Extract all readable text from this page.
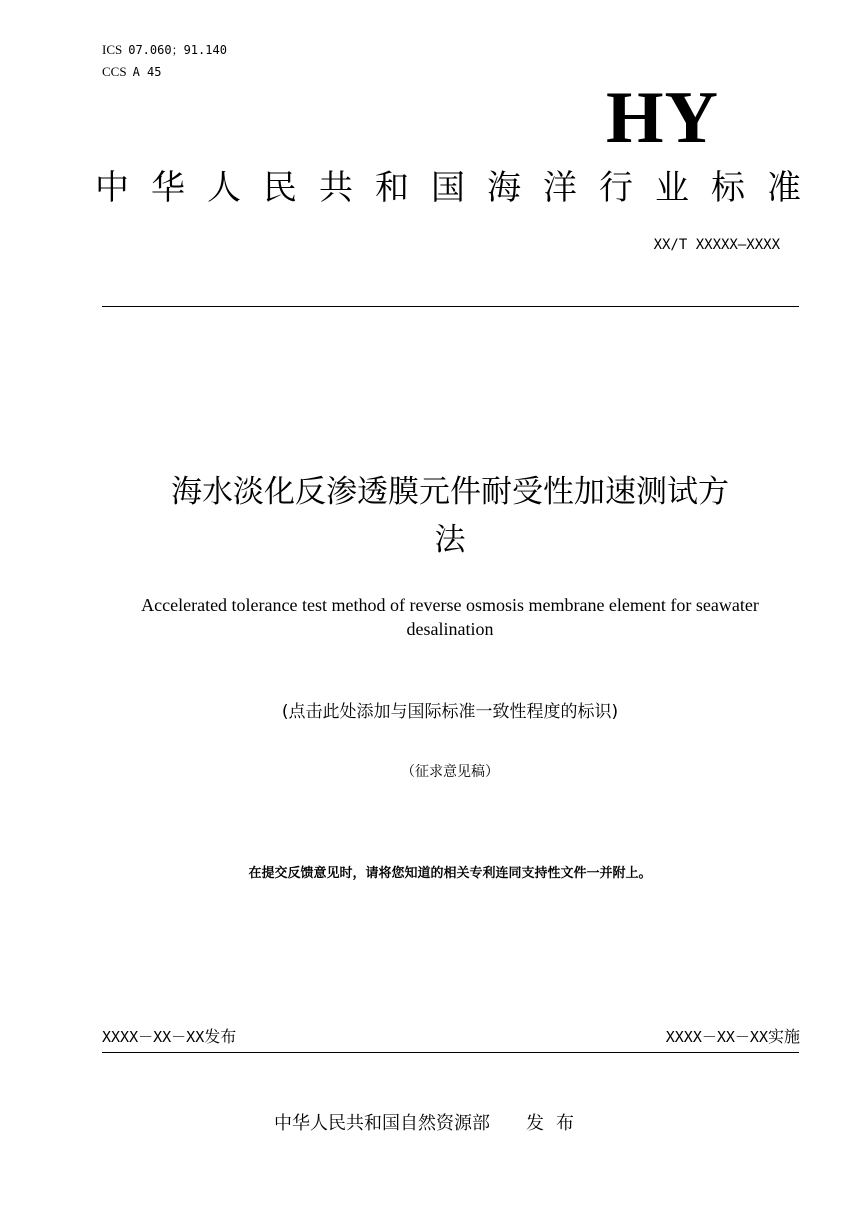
ICS 07.060；91.140
CCS A 45
HY
中 华 人 民 共 和 国 海 洋 行 业 标 准
XX/T XXXXX—XXXX
海水淡化反渗透膜元件耐受性加速测试方
法
Accelerated tolerance test method of reverse osmosis membrane element for seawater
desalination
(点击此处添加与国际标准一致性程度的标识)
（征求意见稿）
在提交反馈意见时，请将您知道的相关专利连同支持性文件一并附上。
XXXX－XX－XX发布	XXXX－XX－XX实施
中华人民共和国自然资源部 发布
